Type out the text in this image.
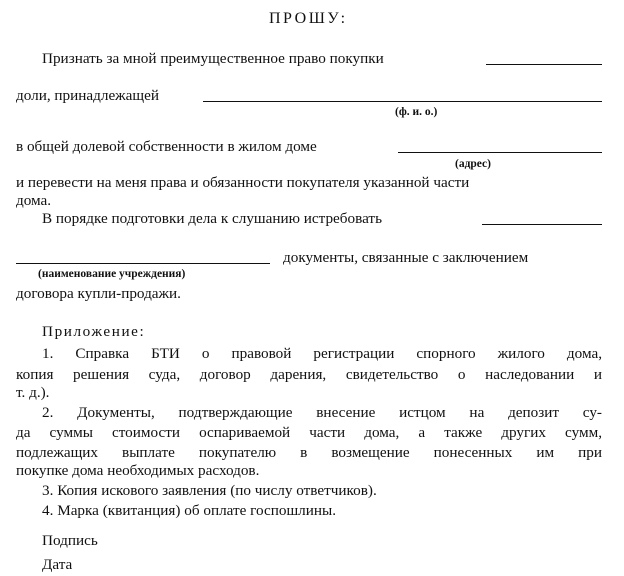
ПРОШУ:
Признать за мной преимущественное право покупки
доли, принадлежащей
(ф. и. о.)
в общей долевой собственности в жилом доме
(адрес)
и перевести на меня права и обязанности покупателя указанной части
дома.
В порядке подготовки дела к слушанию истребовать
документы, связанные с заключением
(наименование учреждения)
договора купли-продажи.
Приложение:
1. Справка БТИ о правовой регистрации спорного жилого дома,
копия решения суда, договор дарения, свидетельство о наследовании и
т. д.).
2. Документы, подтверждающие внесение истцом на депозит су-
да суммы стоимости оспариваемой части дома, а также других сумм,
подлежащих выплате покупателю в возмещение понесенных им при
покупке дома необходимых расходов.
3. Копия искового заявления (по числу ответчиков).
4. Марка (квитанция) об оплате госпошлины.
Подпись
Дата
